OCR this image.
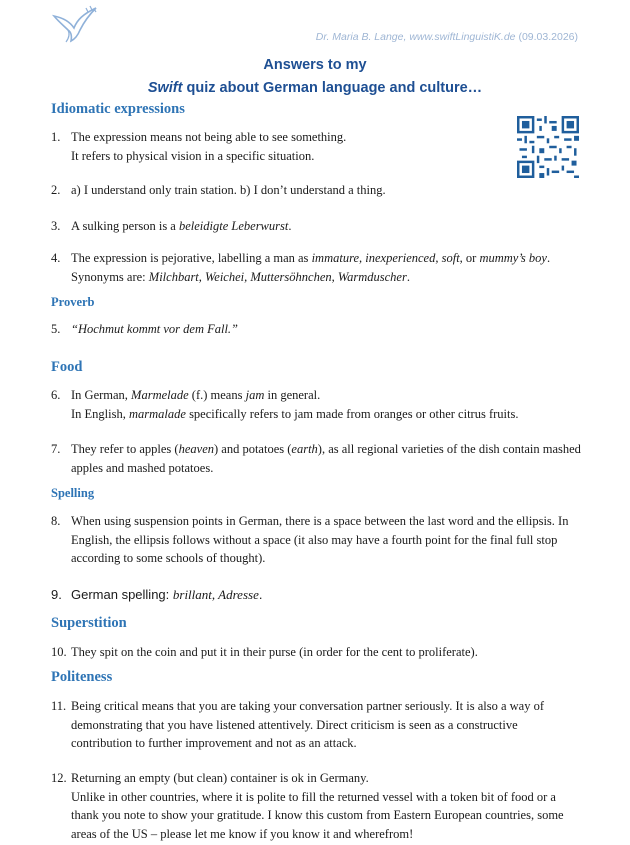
Dr. Maria B. Lange, www.swiftLinguistiK.de (09.03.2026)
Answers to my
Swift quiz about German language and culture…
Idiomatic expressions
1. The expression means not being able to see something.

It refers to physical vision in a specific situation.

2. a) I understand only train station. b) I don’t understand a thing.

3. A sulking person is a beleidigte Leberwurst.

4. The expression is pejorative, labelling a man as immature, inexperienced, soft, or mummy’s boy.

Synonyms are: Milchbart, Weichei, Muttersöhnchen, Warmduscher.

Proverb
5. “Hochmut kommt vor dem Fall.”

Food
6. In German, Marmelade (f.) means jam in general.

In English, marmalade specifically refers to jam made from oranges or other citrus fruits.

7. They refer to apples (heaven) and potatoes (earth), as all regional varieties of the dish contain mashed apples and mashed potatoes.

Spelling
8. When using suspension points in German, there is a space between the last word and the ellipsis. In English, the ellipsis follows without a space (it also may have a fourth point for the final full stop according to some schools of thought).

9. German spelling: brillant, Adresse.

Superstition
10. They spit on the coin and put it in their purse (in order for the cent to proliferate).

Politeness
11. Being critical means that you are taking your conversation partner seriously. It is also a way of demonstrating that you have listened attentively. Direct criticism is seen as a constructive contribution to further improvement and not as an attack.

12. Returning an empty (but clean) container is ok in Germany.

Unlike in other countries, where it is polite to fill the returned vessel with a token bit of food or a thank you note to show your gratitude. I know this custom from Eastern European countries, some areas of the US – please let me know if you know it and wherefrom!
